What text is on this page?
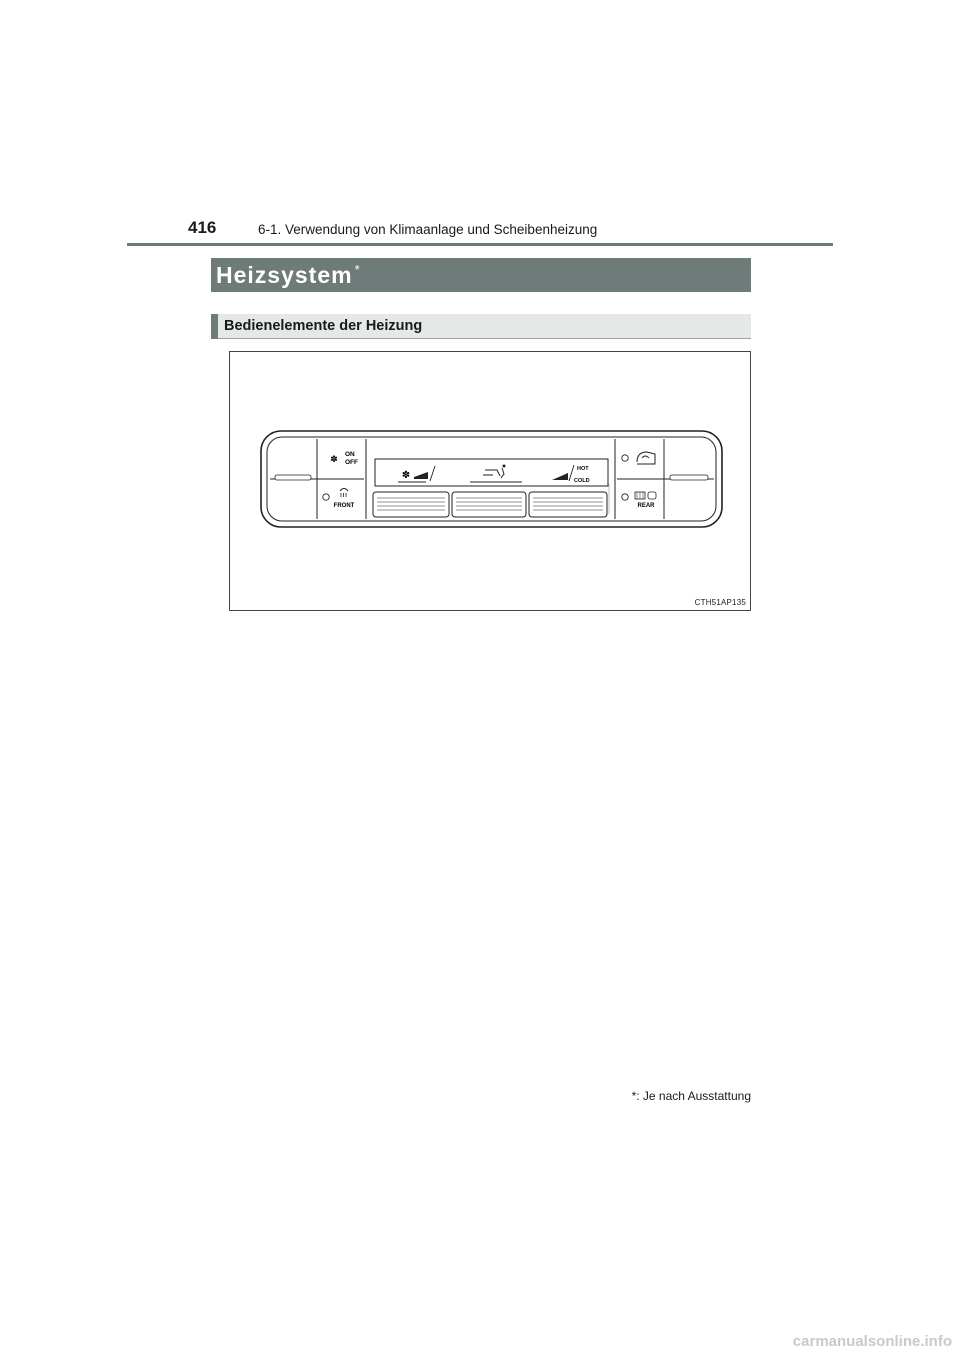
416	6-1. Verwendung von Klimaanlage und Scheibenheizung
Heizsystem *
Bedienelemente der Heizung
✽ ON
OFF
FRONT
✽
HOT
COLD
REAR
CTH51AP135
*: Je nach Ausstattung
carmanualsonline.info
